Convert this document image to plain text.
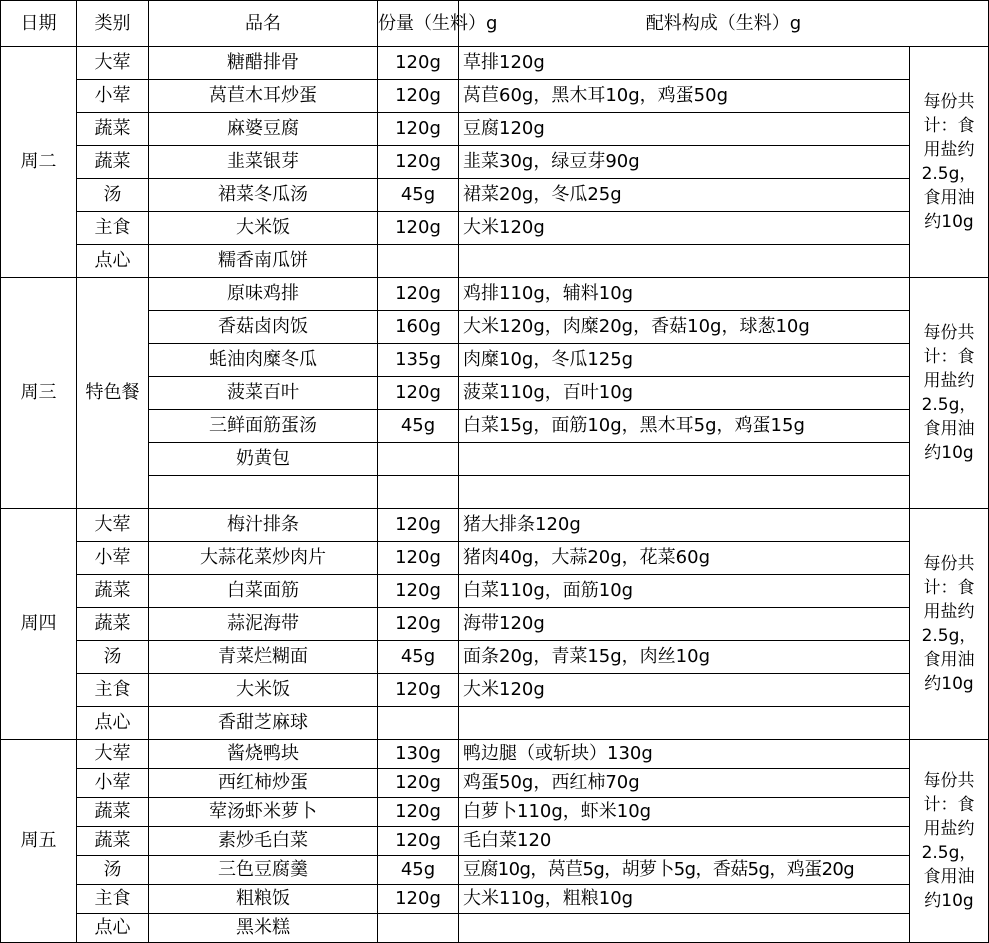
日期	类别	品名	份量（生料）g	配料构成（生料）g	
周二	大荤	糖醋排骨	120g	草排120g	每份共计：食用盐约2.5g，食用油约10g
	小荤	莴苣木耳炒蛋	120g	莴苣60g，黑木耳10g，鸡蛋50g	
	蔬菜	麻婆豆腐	120g	豆腐120g	
	蔬菜	韭菜银芽	120g	韭菜30g，绿豆芽90g	
	汤	裙菜冬瓜汤	45g	裙菜20g，冬瓜25g	
	主食	大米饭	120g	大米120g	
	点心	糯香南瓜饼			
周三	特色餐	原味鸡排	120g	鸡排110g，辅料10g	每份共计：食用盐约2.5g，食用油约10g
		香菇卤肉饭	160g	大米120g，肉糜20g，香菇10g，球葱10g	
		蚝油肉糜冬瓜	135g	肉糜10g，冬瓜125g	
		菠菜百叶	120g	菠菜110g，百叶10g	
		三鲜面筋蛋汤	45g	白菜15g，面筋10g，黑木耳5g，鸡蛋15g	
		奶黄包			

周四	大荤	梅汁排条	120g	猪大排条120g	每份共计：食用盐约2.5g，食用油约10g
	小荤	大蒜花菜炒肉片	120g	猪肉40g，大蒜20g，花菜60g	
	蔬菜	白菜面筋	120g	白菜110g，面筋10g	
	蔬菜	蒜泥海带	120g	海带120g	
	汤	青菜烂糊面	45g	面条20g，青菜15g，肉丝10g	
	主食	大米饭	120g	大米120g	
	点心	香甜芝麻球			
周五	大荤	酱烧鸭块	130g	鸭边腿（或斩块）130g	每份共计：食用盐约2.5g，食用油约10g
	小荤	西红柿炒蛋	120g	鸡蛋50g，西红柿70g	
	蔬菜	荤汤虾米萝卜	120g	白萝卜110g，虾米10g	
	蔬菜	素炒毛白菜	120g	毛白菜120	
	汤	三色豆腐羹	45g	豆腐10g，莴苣5g，胡萝卜5g，香菇5g，鸡蛋20g	
	主食	粗粮饭	120g	大米110g，粗粮10g	
	点心	黑米糕			
